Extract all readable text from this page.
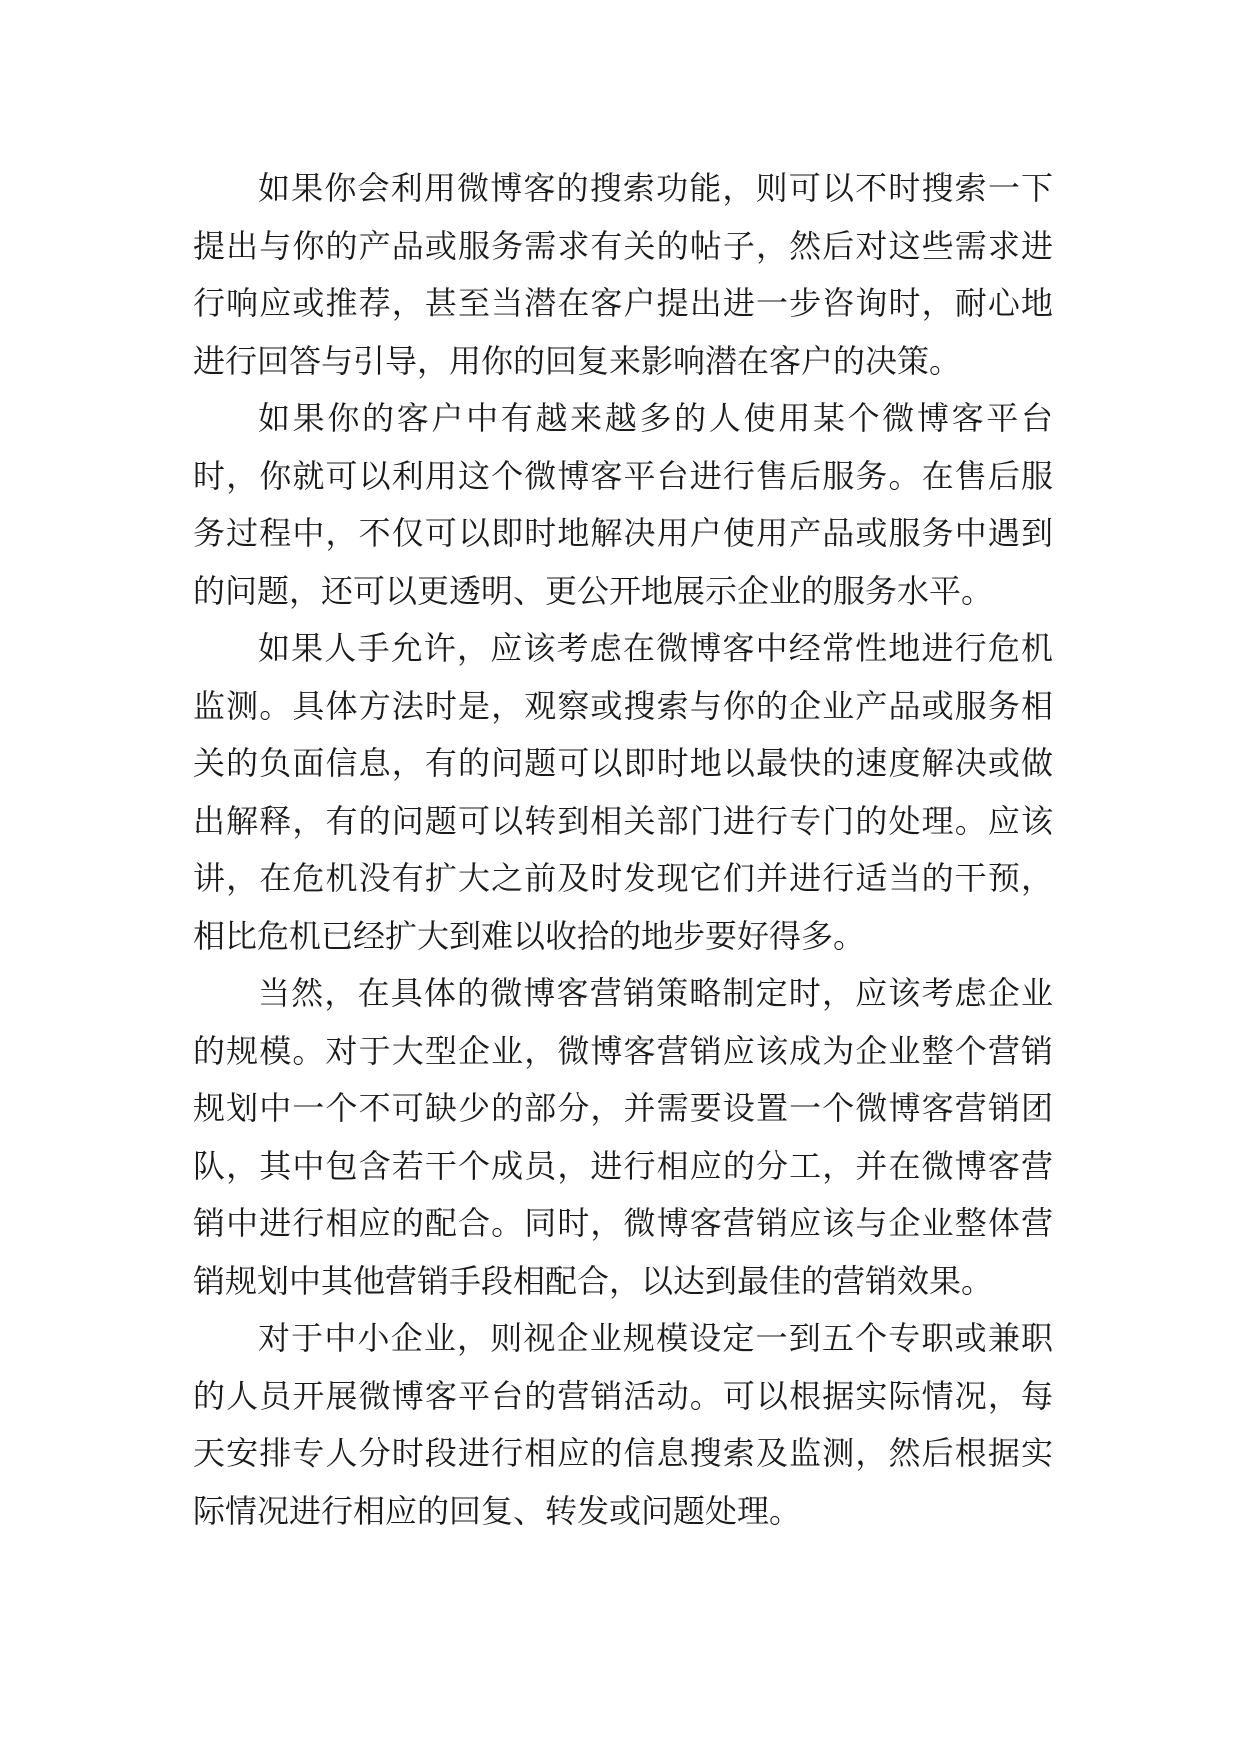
如果你会利用微博客的搜索功能，则可以不时搜索一下
提出与你的产品或服务需求有关的帖子，然后对这些需求进
行响应或推荐，甚至当潜在客户提出进一步咨询时，耐心地
进行回答与引导，用你的回复来影响潜在客户的决策。
如果你的客户中有越来越多的人使用某个微博客平台
时，你就可以利用这个微博客平台进行售后服务。在售后服
务过程中，不仅可以即时地解决用户使用产品或服务中遇到
的问题，还可以更透明、更公开地展示企业的服务水平。
如果人手允许，应该考虑在微博客中经常性地进行危机
监测。具体方法时是，观察或搜索与你的企业产品或服务相
关的负面信息，有的问题可以即时地以最快的速度解决或做
出解释，有的问题可以转到相关部门进行专门的处理。应该
讲，在危机没有扩大之前及时发现它们并进行适当的干预，
相比危机已经扩大到难以收拾的地步要好得多。
当然，在具体的微博客营销策略制定时，应该考虑企业
的规模。对于大型企业，微博客营销应该成为企业整个营销
规划中一个不可缺少的部分，并需要设置一个微博客营销团
队，其中包含若干个成员，进行相应的分工，并在微博客营
销中进行相应的配合。同时，微博客营销应该与企业整体营
销规划中其他营销手段相配合，以达到最佳的营销效果。
对于中小企业，则视企业规模设定一到五个专职或兼职
的人员开展微博客平台的营销活动。可以根据实际情况，每
天安排专人分时段进行相应的信息搜索及监测，然后根据实
际情况进行相应的回复、转发或问题处理。
